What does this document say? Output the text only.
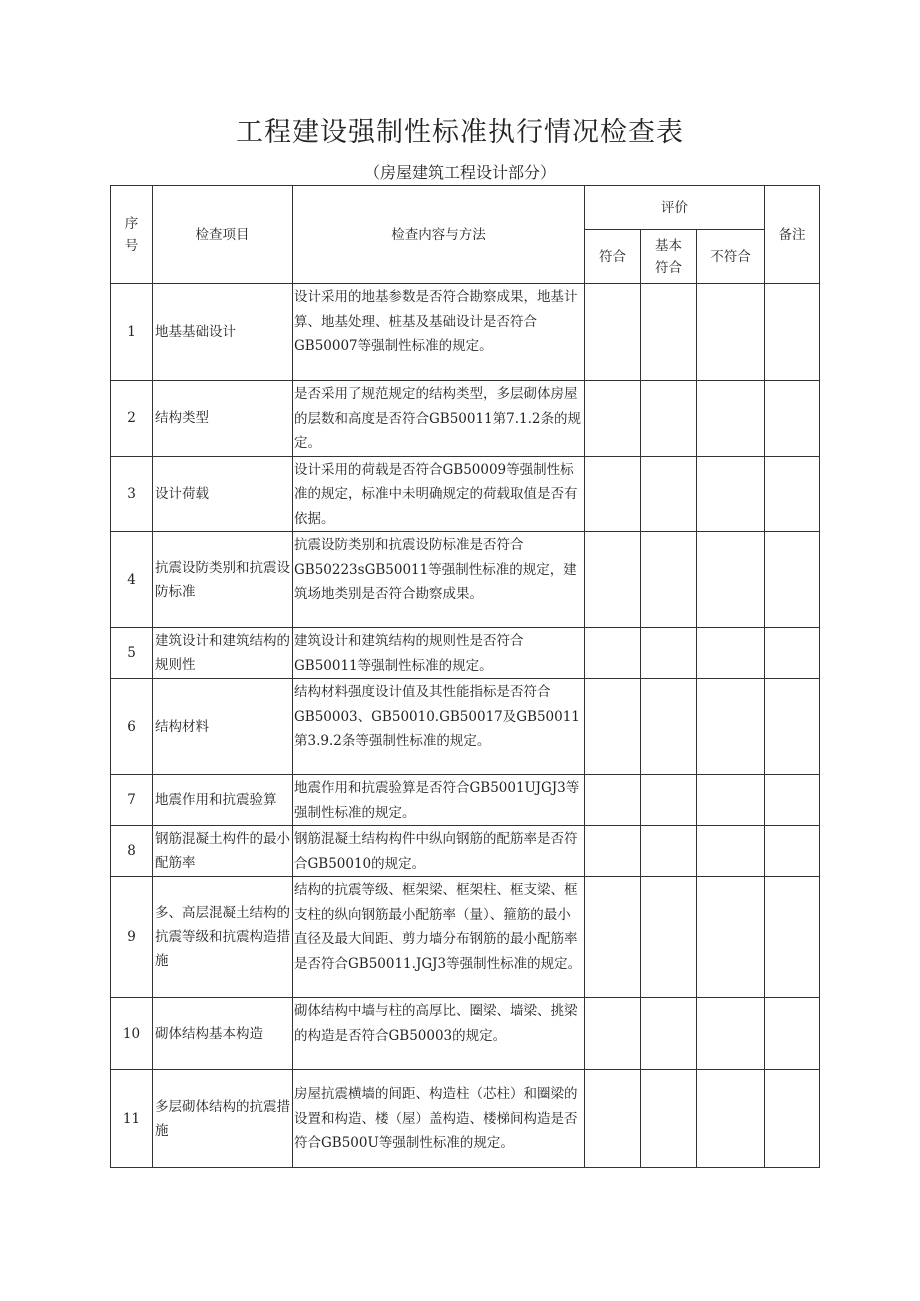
工程建设强制性标准执行情况检查表
（房屋建筑工程设计部分）
序号	检查项目	检查内容与方法	评价			备注
			符合	基本符合	不符合	
1	地基基础设计	设计采用的地基参数是否符合勘察成果，地基计算、地基处理、桩基及基础设计是否符合GB50007等强制性标准的规定。				
2	结构类型	是否采用了规范规定的结构类型，多层砌体房屋的层数和高度是否符合GB50011第7.1.2条的规定。				
3	设计荷载	设计采用的荷载是否符合GB50009等强制性标准的规定，标准中未明确规定的荷载取值是否有依据。				
4	抗震设防类别和抗震设防标准	抗震设防类别和抗震设防标准是否符合GB50223sGB50011等强制性标准的规定，建筑场地类别是否符合勘察成果。				
5	建筑设计和建筑结构的规则性	建筑设计和建筑结构的规则性是否符合GB50011等强制性标准的规定。				
6	结构材料	结构材料强度设计值及其性能指标是否符合GB50003、GB50010.GB50017及GB50011第3.9.2条等强制性标准的规定。				
7	地震作用和抗震验算	地震作用和抗震验算是否符合GB5001UJGJ3等强制性标准的规定。				
8	钢筋混凝土构件的最小配筋率	钢筋混凝土结构构件中纵向钢筋的配筋率是否符合GB50010的规定。				
9	多、高层混凝土结构的抗震等级和抗震构造措施	结构的抗震等级、框架梁、框架柱、框支梁、框支柱的纵向钢筋最小配筋率（量）、箍筋的最小直径及最大间距、剪力墙分布钢筋的最小配筋率是否符合GB50011.JGJ3等强制性标准的规定。				
10	砌体结构基本构造	砌体结构中墙与柱的高厚比、圈梁、墙梁、挑梁的构造是否符合GB50003的规定。				
11	多层砌体结构的抗震措施	房屋抗震横墙的间距、构造柱（芯柱）和圈梁的设置和构造、楼（屋）盖构造、楼梯间构造是否符合GB500U等强制性标准的规定。				
